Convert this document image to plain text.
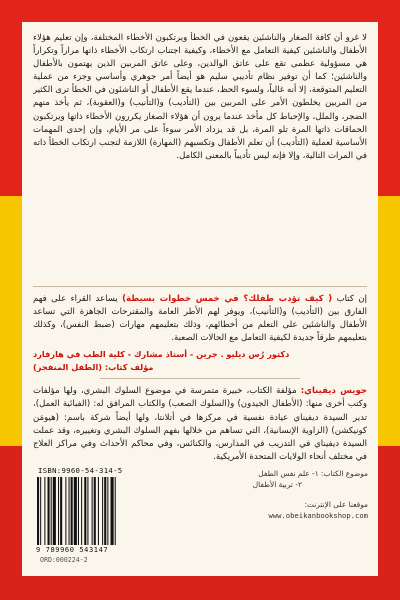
لا غرو أن كافة الصغار والناشئين يقعون في الخطأ ويرتكبون الأخطاء المختلفة، وإن تعليم هؤلاء الأطفال والناشئين كيفية التعامل مع الأخطاء، وكيفية اجتناب ارتكاب الأخطاء ذاتها مراراً وتكراراً هي مسؤولية عظمى تقع على عاتق الوالدين، وعلى عاتق المربين الذين يهتمون بالأطفال والناشئين؛ كما أن توفير نظام تأديبي سليم هو أيضاً أمر جوهري وأساسي وجزء من عملية التعليم المتوقعة، إلا أنه غالباً، ولسوء الحظ، عندما يقع الأطفال أو الناشئون في الخطأ ترى الكثير من المربين يخلطون الأمر على المربين بين (التأديب) و(التأنيب) و(العقوبة)، ثم يأخذ منهم الضجر، والملل، والإحباط كل مأخذ عندما يرون أن هؤلاء الصغار يكررون الأخطاء ذاتها ويرتكبون الحماقات ذاتها المرة تلو المرة، بل قد يزداد الأمر سوءاً على مر الأيام، وإن إحدى المهمات الأساسية لعملية (التأديب) أن تعلم الأطفال وتكسبهم (المهارة) اللازمة لتجنب ارتكاب الخطأ ذاته في المرات التالية، وإلا فإنه ليس تأديباً بالمعنى الكامل.

إن كتاب ( كيف تؤدب طفلك؟ في خمس خطوات بسيطة) يساعد القراء على فهم الفارق بين (التأديب) و(التأنيب)، ويوفر لهم الأطر العامة والمقترحات الجاهزة التي تساعد الأطفال والناشئين على التعلم من أخطائهم، وذلك بتعليمهم مهارات (ضبط النفس)، وكذلك بتعليمهم طرقاً جديدة لكيفية التعامل مع الحالات الصعبة.

دكتور رُس ديليو . جرين - أستاذ مشارك - كلية الطب في هارفارد
مؤلف كتاب: (الطفل المنفجر)

جويس ديفيناي: مؤلفة الكتاب، خبيرة متمرسة في موضوع السلوك البشري، ولها مؤلفات وكتب أخرى منها: (الأطفال الجيدون) و(السلوك الصعب) والكتاب المرافق له: (الفبائية العمل)، تدير السيدة ديفيناي عيادة نفسية في مركزها في أتلانتا، ولها أيضاً شركة باسم: (هيومَن كونيكشن) (الزاوية الإنسانية)، التي تساهم من خلالها بفهم السلوك البشري وتغييره، وقد عملت السيدة ديفيناي في التدريب في المدارس، والكنائس، وفي محاكم الأحداث وفي مراكز العلاج في مختلف أنحاء الولايات المتحدة الأمريكية.

ISBN:9960-54-314-5
9 789960 543147
ORD:000224-2

موضوع الكتاب: ١- علم نفس الطفل
٢- تربية الأطفال

موقعنا على الإنترنت:

www.obeikanbookshop.com
